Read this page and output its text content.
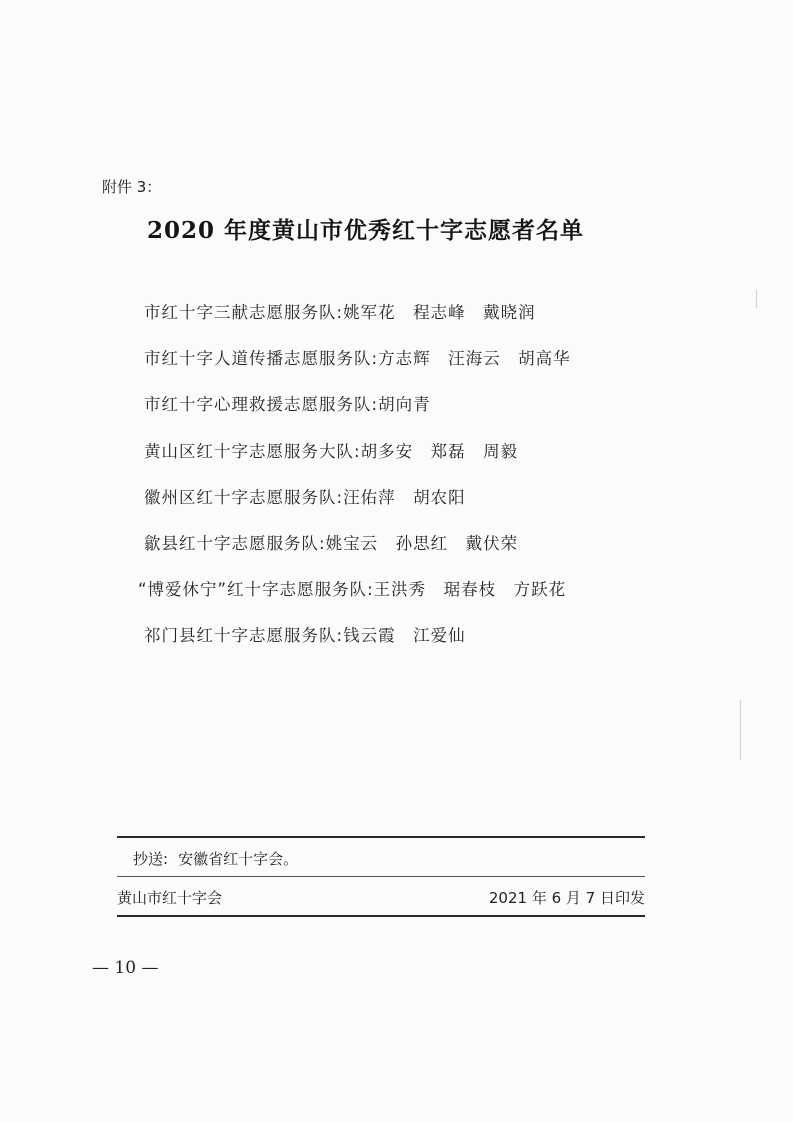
附件 3：
2020 年度黄山市优秀红十字志愿者名单
市红十字三献志愿服务队:姚军花　程志峰　戴晓润
市红十字人道传播志愿服务队:方志辉　汪海云　胡高华
市红十字心理救援志愿服务队:胡向青
黄山区红十字志愿服务大队:胡多安　郑磊　周毅
徽州区红十字志愿服务队:汪佑萍　胡农阳
歙县红十字志愿服务队:姚宝云　孙思红　戴伏荣
“博爱休宁”红十字志愿服务队:王洪秀　琚春枝　方跃花
祁门县红十字志愿服务队:钱云霞　江爱仙
抄送: 安徽省红十字会。
黄山市红十字会	2021 年 6 月 7 日印发
— 10 —
